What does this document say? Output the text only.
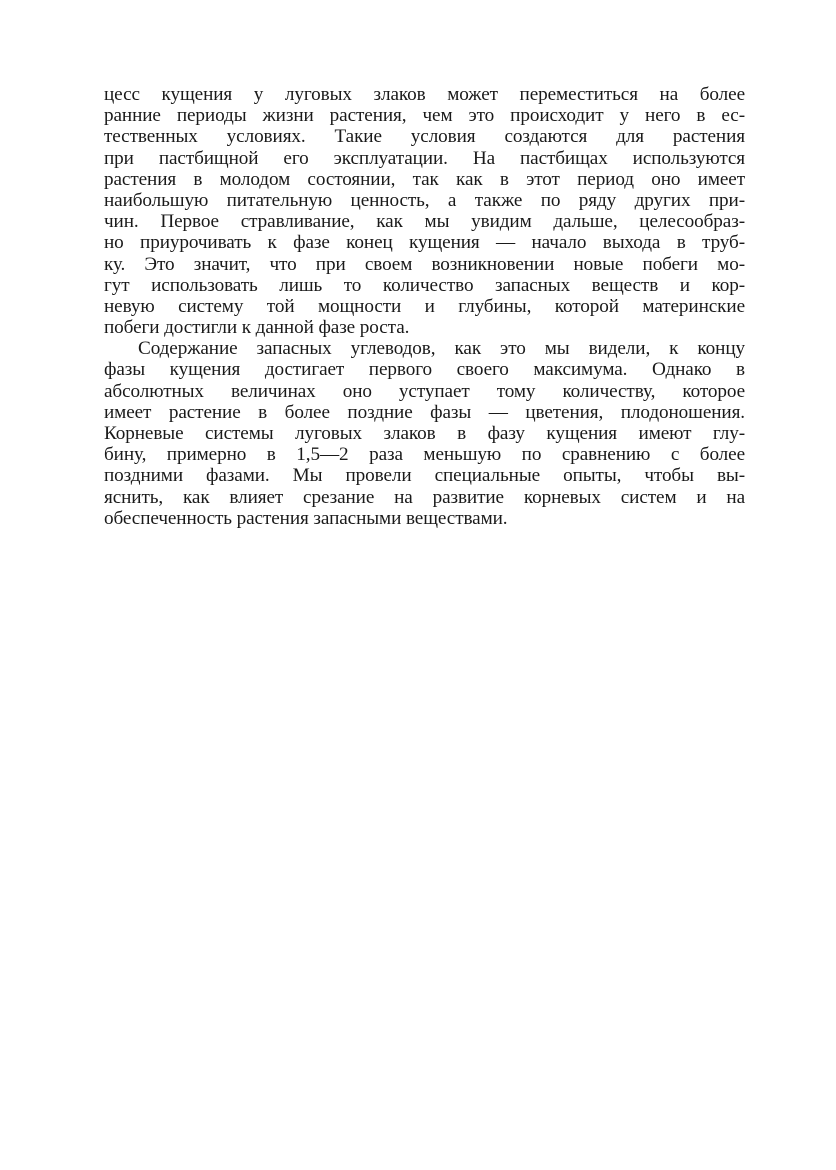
цесс кущения у луговых злаков может переместиться на более
ранние периоды жизни растения, чем это происходит у него в ес-
тественных условиях. Такие условия создаются для растения
при пастбищной его эксплуатации. На пастбищах используются
растения в молодом состоянии, так как в этот период оно имеет
наибольшую питательную ценность, а также по ряду других при-
чин. Первое стравливание, как мы увидим дальше, целесообраз-
но приурочивать к фазе конец кущения — начало выхода в труб-
ку. Это значит, что при своем возникновении новые побеги мо-
гут использовать лишь то количество запасных веществ и кор-
невую систему той мощности и глубины, которой материнские
побеги достигли к данной фазе роста.
Содержание запасных углеводов, как это мы видели, к концу
фазы кущения достигает первого своего максимума. Однако в
абсолютных величинах оно уступает тому количеству, которое
имеет растение в более поздние фазы — цветения, плодоношения.
Корневые системы луговых злаков в фазу кущения имеют глу-
бину, примерно в 1,5—2 раза меньшую по сравнению с более
поздними фазами. Мы провели специальные опыты, чтобы вы-
яснить, как влияет срезание на развитие корневых систем и на
обеспеченность растения запасными веществами.
